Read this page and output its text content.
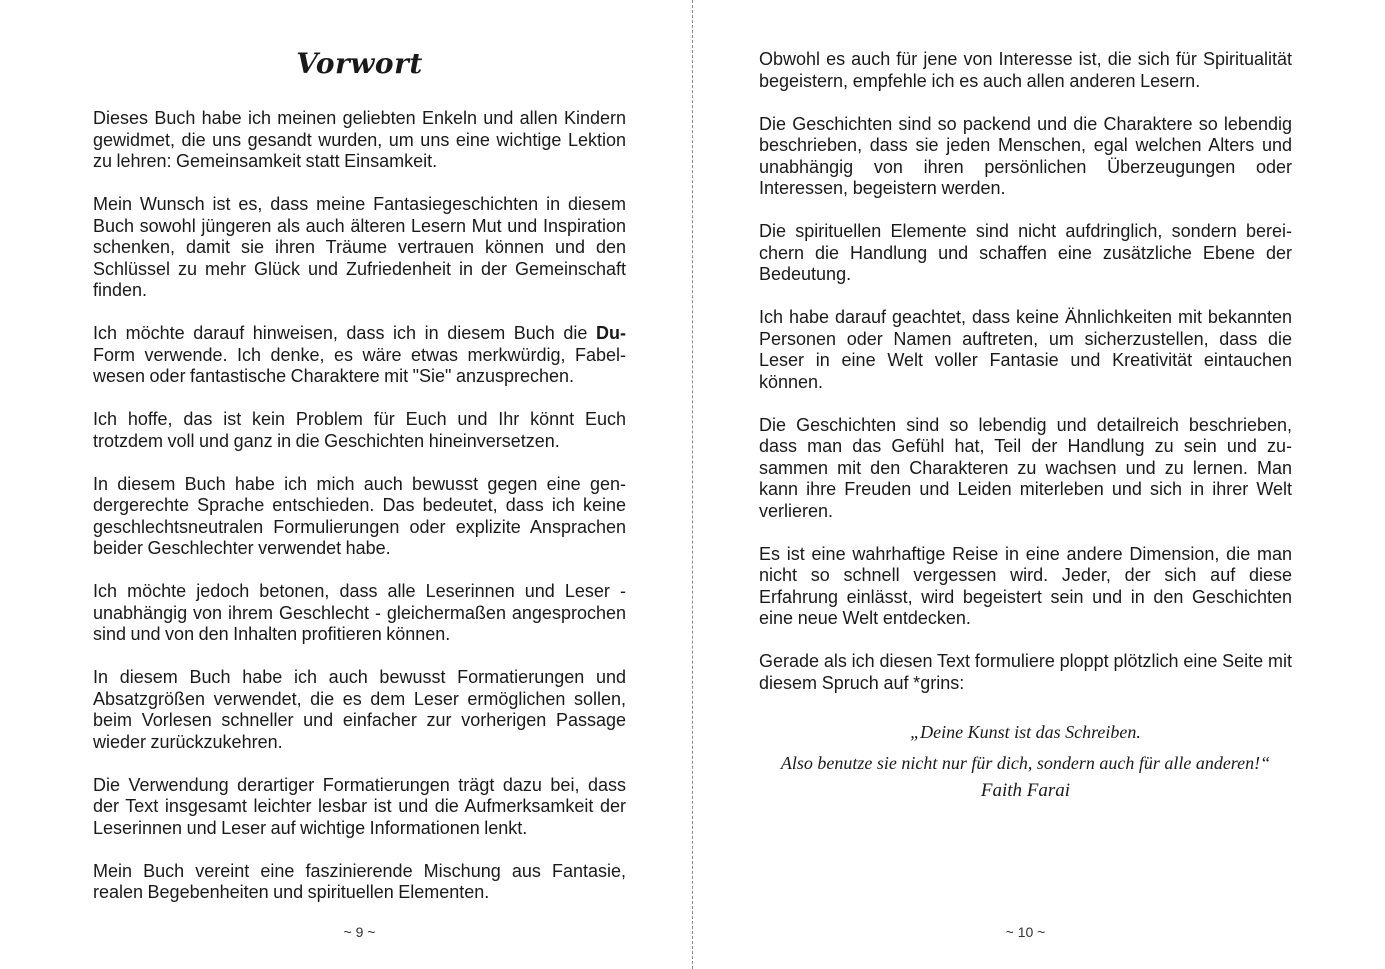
Vorwort

Dieses Buch habe ich meinen geliebten Enkeln und allen Kindern gewidmet, die uns gesandt wurden, um uns eine wichtige Lektion zu lehren: Gemeinsamkeit statt Einsamkeit.

Mein Wunsch ist es, dass meine Fantasiegeschichten in diesem Buch sowohl jüngeren als auch älteren Lesern Mut und Inspiration schenken, damit sie ihren Träume vertrauen können und den Schlüssel zu mehr Glück und Zufriedenheit in der Gemeinschaft finden.

Ich möchte darauf hinweisen, dass ich in diesem Buch die Du-Form verwende. Ich denke, es wäre etwas merkwürdig, Fabelwesen oder fantastische Charaktere mit "Sie" anzusprechen.

Ich hoffe, das ist kein Problem für Euch und Ihr könnt Euch trotzdem voll und ganz in die Geschichten hineinversetzen.

In diesem Buch habe ich mich auch bewusst gegen eine gendergerechte Sprache entschieden. Das bedeutet, dass ich keine geschlechtsneutralen Formulierungen oder explizite Ansprachen beider Geschlechter verwendet habe.

Ich möchte jedoch betonen, dass alle Leserinnen und Leser - unabhängig von ihrem Geschlecht - gleichermaßen angesprochen sind und von den Inhalten profitieren können.

In diesem Buch habe ich auch bewusst Formatierungen und Absatzgrößen verwendet, die es dem Leser ermöglichen sollen, beim Vorlesen schneller und einfacher zur vorherigen Passage wieder zurückzukehren.

Die Verwendung derartiger Formatierungen trägt dazu bei, dass der Text insgesamt leichter lesbar ist und die Aufmerksamkeit der Leserinnen und Leser auf wichtige Informationen lenkt.

Mein Buch vereint eine faszinierende Mischung aus Fantasie, realen Begebenheiten und spirituellen Elementen.

~ 9 ~

Obwohl es auch für jene von Interesse ist, die sich für Spiritualität begeistern, empfehle ich es auch allen anderen Lesern.

Die Geschichten sind so packend und die Charaktere so lebendig beschrieben, dass sie jeden Menschen, egal welchen Alters und unabhängig von ihren persönlichen Überzeugungen oder Interessen, begeistern werden.

Die spirituellen Elemente sind nicht aufdringlich, sondern bereichern die Handlung und schaffen eine zusätzliche Ebene der Bedeutung.

Ich habe darauf geachtet, dass keine Ähnlichkeiten mit bekannten Personen oder Namen auftreten, um sicherzustellen, dass die Leser in eine Welt voller Fantasie und Kreativität eintauchen können.

Die Geschichten sind so lebendig und detailreich beschrieben, dass man das Gefühl hat, Teil der Handlung zu sein und zusammen mit den Charakteren zu wachsen und zu lernen. Man kann ihre Freuden und Leiden miterleben und sich in ihrer Welt verlieren.

Es ist eine wahrhaftige Reise in eine andere Dimension, die man nicht so schnell vergessen wird. Jeder, der sich auf diese Erfahrung einlässt, wird begeistert sein und in den Geschichten eine neue Welt entdecken.

Gerade als ich diesen Text formuliere ploppt plötzlich eine Seite mit diesem Spruch auf *grins:

„Deine Kunst ist das Schreiben.
Also benutze sie nicht nur für dich, sondern auch für alle anderen!“
Faith Farai
~ 10 ~
